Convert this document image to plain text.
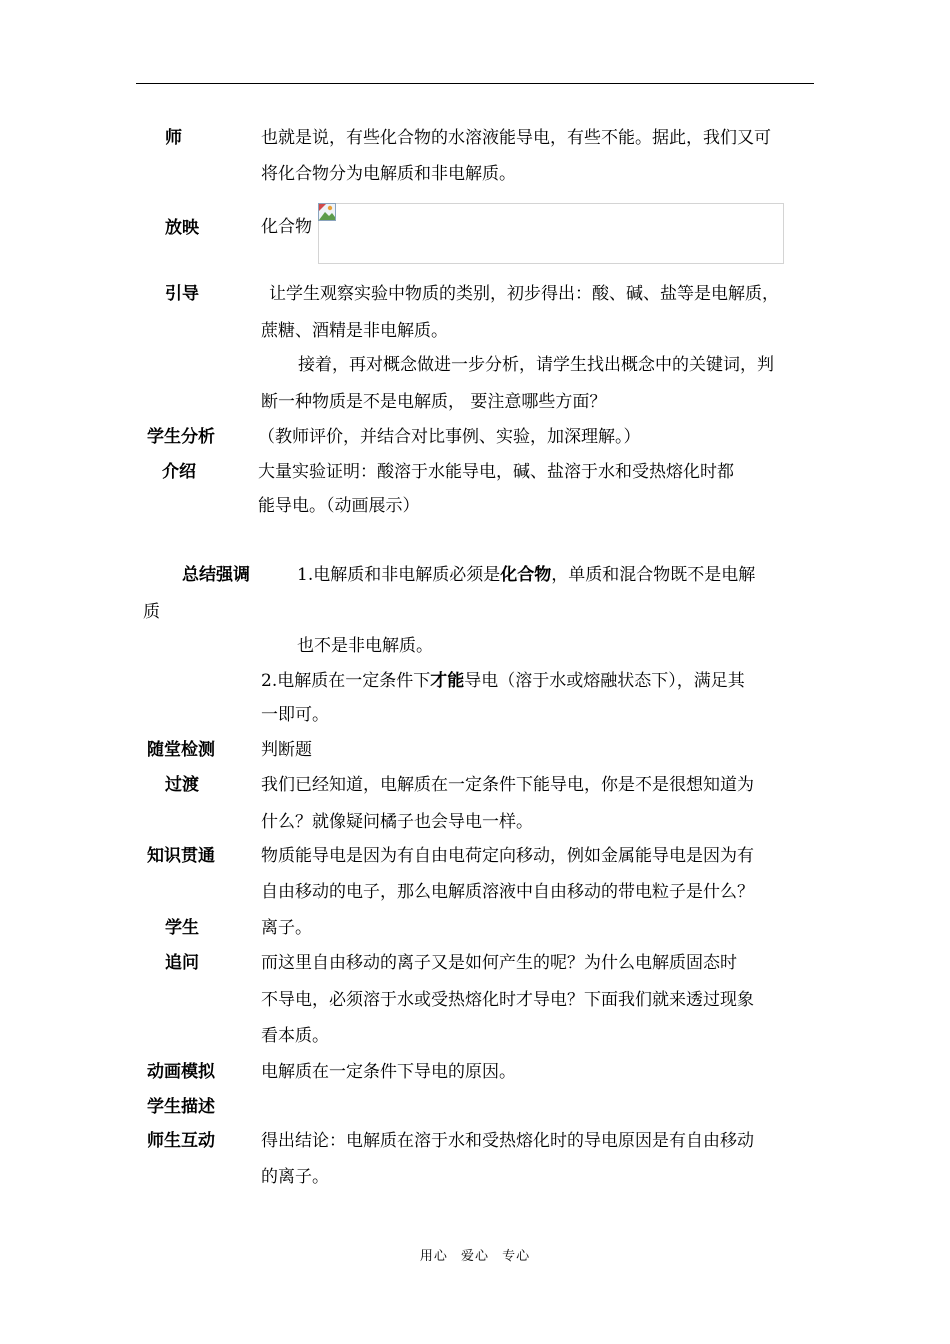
师	也就是说，有些化合物的水溶液能导电，有些不能。据此，我们又可
将化合物分为电解质和非电解质。
放映	化合物
引导	让学生观察实验中物质的类别，初步得出：酸、碱、盐等是电解质，
蔗糖、酒精是非电解质。
接着，再对概念做进一步分析，请学生找出概念中的关键词，判
断一种物质是不是电解质， 要注意哪些方面？
学生分析	（教师评价，并结合对比事例、实验，加深理解。）
介绍	大量实验证明：酸溶于水能导电，碱、盐溶于水和受热熔化时都
能导电。（动画展示）
总结强调	1.电解质和非电解质必须是化合物，单质和混合物既不是电解
质
也不是非电解质。
2.电解质在一定条件下才能导电（溶于水或熔融状态下），满足其
一即可。
随堂检测	判断题
过渡	我们已经知道，电解质在一定条件下能导电，你是不是很想知道为
什么？就像疑问橘子也会导电一样。
知识贯通	物质能导电是因为有自由电荷定向移动，例如金属能导电是因为有
自由移动的电子，那么电解质溶液中自由移动的带电粒子是什么？
学生	离子。
追问	而这里自由移动的离子又是如何产生的呢？为什么电解质固态时
不导电，必须溶于水或受热熔化时才导电？下面我们就来透过现象
看本质。
动画模拟	电解质在一定条件下导电的原因。
学生描述
师生互动	得出结论：电解质在溶于水和受热熔化时的导电原因是有自由移动
的离子。
用心 爱心 专心
